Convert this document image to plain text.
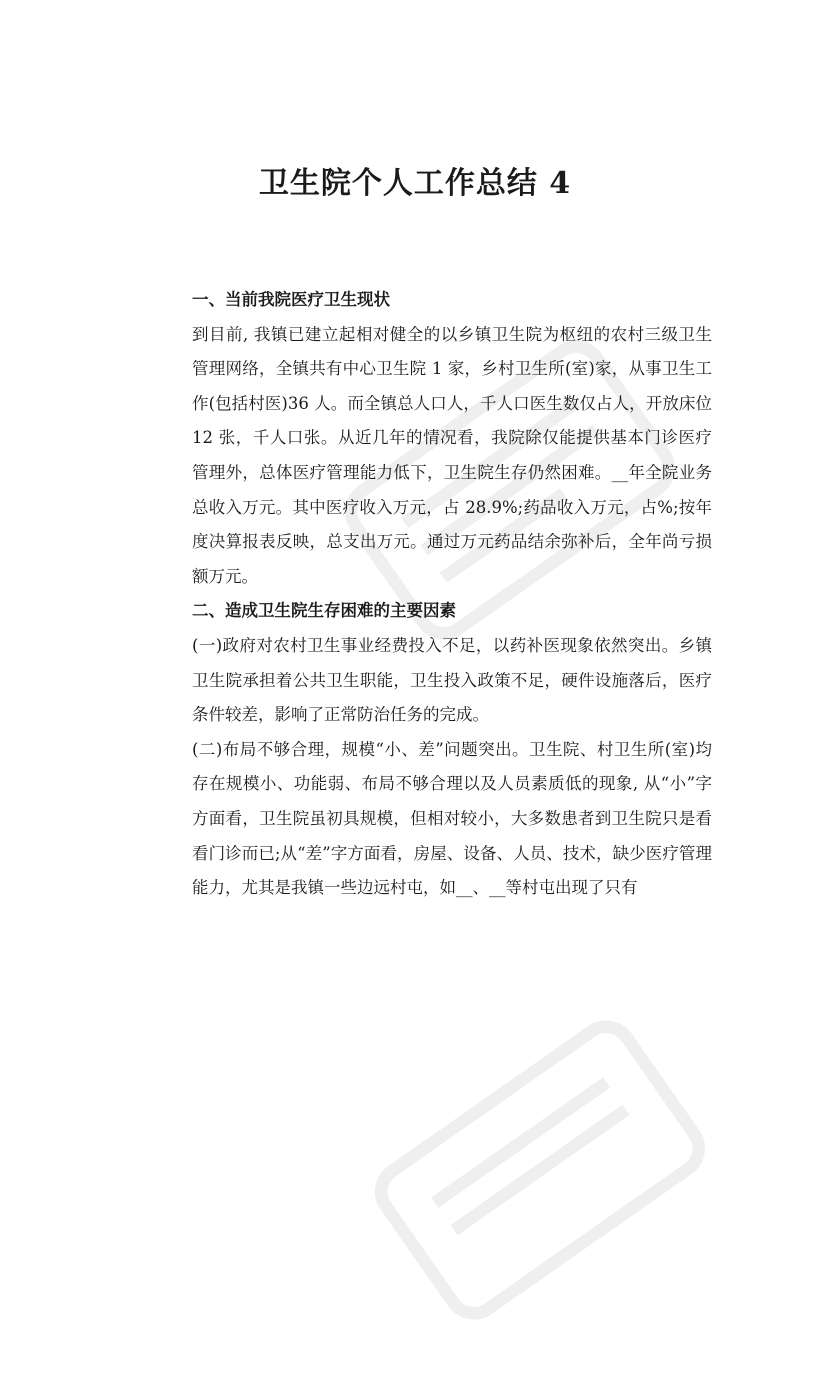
卫生院个人工作总结 4

一、当前我院医疗卫生现状

到目前, 我镇已建立起相对健全的以乡镇卫生院为枢纽的农村三级卫生管理网络，全镇共有中心卫生院 1 家，乡村卫生所(室)家，从事卫生工作(包括村医)36 人。而全镇总人口人，千人口医生数仅占人，开放床位 12 张，千人口张。从近几年的情况看，我院除仅能提供基本门诊医疗管理外，总体医疗管理能力低下，卫生院生存仍然困难。__年全院业务总收入万元。其中医疗收入万元，占 28.9%;药品收入万元，占%;按年度决算报表反映，总支出万元。通过万元药品结余弥补后，全年尚亏损额万元。

二、造成卫生院生存困难的主要因素

(一)政府对农村卫生事业经费投入不足，以药补医现象依然突出。乡镇卫生院承担着公共卫生职能，卫生投入政策不足，硬件设施落后，医疗条件较差，影响了正常防治任务的完成。

(二)布局不够合理，规模“小、差”问题突出。卫生院、村卫生所(室)均存在规模小、功能弱、布局不够合理以及人员素质低的现象, 从“小”字方面看，卫生院虽初具规模，但相对较小，大多数患者到卫生院只是看看门诊而已;从“差”字方面看，房屋、设备、人员、技术，缺少医疗管理能力，尤其是我镇一些边远村屯，如__、__等村屯出现了只有
